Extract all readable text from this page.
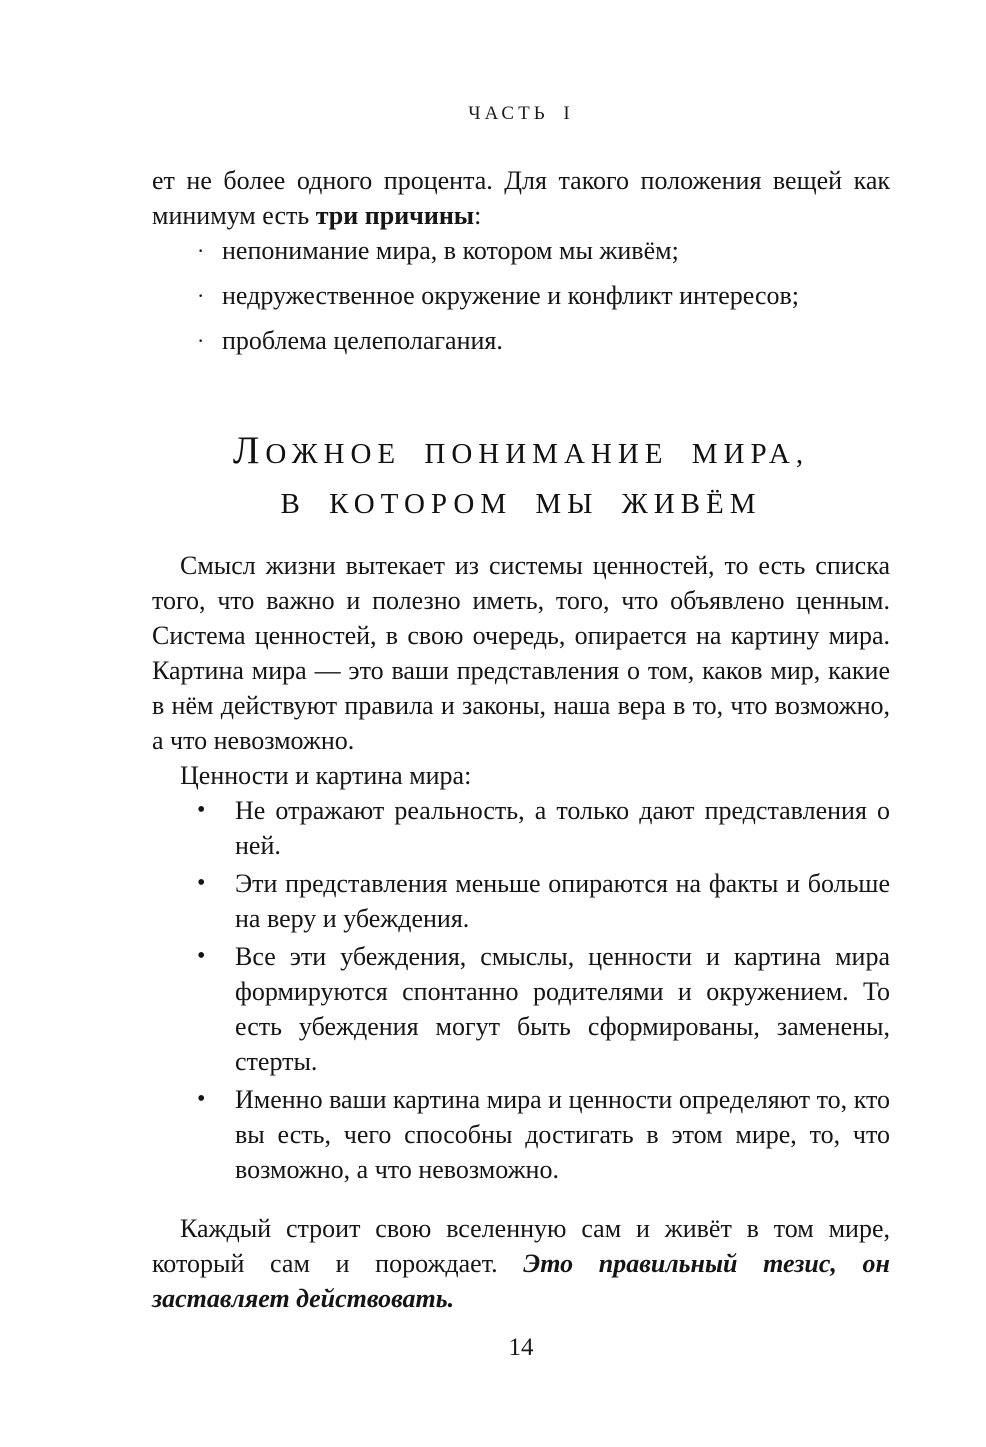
ЧАСТЬ I

ет не более одного процента. Для такого положения вещей как минимум есть три причины:

· непонимание мира, в котором мы живём;
· недружественное окружение и конфликт интересов;
· проблема целеполагания.
ЛОЖНОЕ ПОНИМАНИЕ МИРА,
В КОТОРОМ МЫ ЖИВЁМ

Смысл жизни вытекает из системы ценностей, то есть списка того, что важно и полезно иметь, того, что объявлено ценным. Система ценностей, в свою очередь, опирается на картину мира. Картина мира — это ваши представления о том, каков мир, какие в нём действуют правила и законы, наша вера в то, что возможно, а что невозможно.

Ценности и картина мира:

•	Не отражают реальность, а только дают представления о ней.
•	Эти представления меньше опираются на факты и больше на веру и убеждения.
•	Все эти убеждения, смыслы, ценности и картина мира формируются спонтанно родителями и окружением. То есть убеждения могут быть сформированы, заменены, стерты.
•	Именно ваши картина мира и ценности определяют то, кто вы есть, чего способны достигать в этом мире, то, что возможно, а что невозможно.

Каждый строит свою вселенную сам и живёт в том мире, который сам и порождает. Это правильный тезис, он заставляет действовать.

14
